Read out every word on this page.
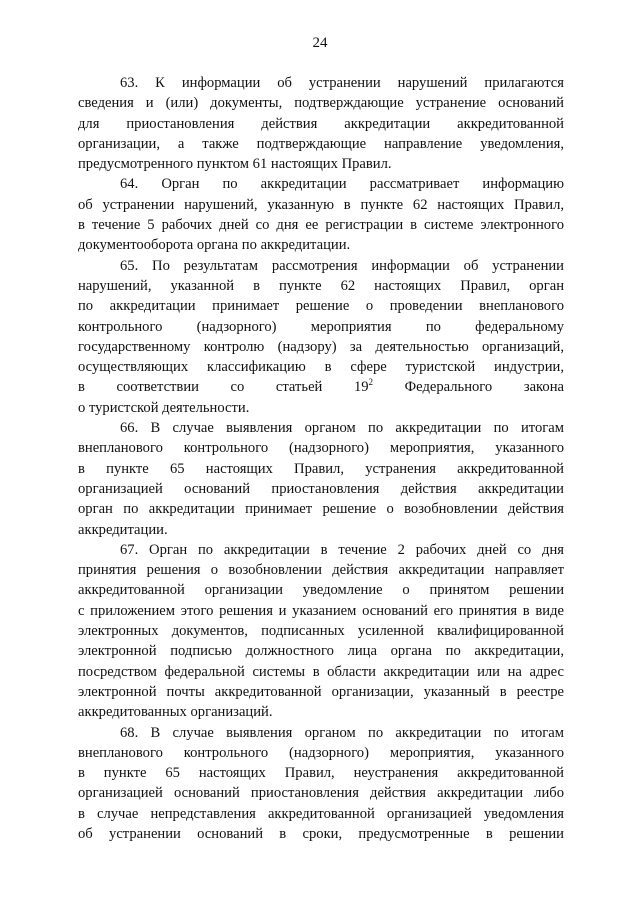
24
63. К информации об устранении нарушений прилагаются
сведения и (или) документы, подтверждающие устранение оснований
для приостановления действия аккредитации аккредитованной
организации, а также подтверждающие направление уведомления,
предусмотренного пунктом 61 настоящих Правил.
64. Орган по аккредитации рассматривает информацию
об устранении нарушений, указанную в пункте 62 настоящих Правил,
в течение 5 рабочих дней со дня ее регистрации в системе электронного
документооборота органа по аккредитации.
65. По результатам рассмотрения информации об устранении
нарушений, указанной в пункте 62 настоящих Правил, орган
по аккредитации принимает решение о проведении внепланового
контрольного (надзорного) мероприятия по федеральному
государственному контролю (надзору) за деятельностью организаций,
осуществляющих классификацию в сфере туристской индустрии,
в соответствии со статьей $19^2$ Федерального закона
о туристской деятельности.
66. В случае выявления органом по аккредитации по итогам
внепланового контрольного (надзорного) мероприятия, указанного
в пункте 65 настоящих Правил, устранения аккредитованной
организацией оснований приостановления действия аккредитации
орган по аккредитации принимает решение о возобновлении действия
аккредитации.
67. Орган по аккредитации в течение 2 рабочих дней со дня
принятия решения о возобновлении действия аккредитации направляет
аккредитованной организации уведомление о принятом решении
с приложением этого решения и указанием оснований его принятия в виде
электронных документов, подписанных усиленной квалифицированной
электронной подписью должностного лица органа по аккредитации,
посредством федеральной системы в области аккредитации или на адрес
электронной почты аккредитованной организации, указанный в реестре
аккредитованных организаций.
68. В случае выявления органом по аккредитации по итогам
внепланового контрольного (надзорного) мероприятия, указанного
в пункте 65 настоящих Правил, неустранения аккредитованной
организацией оснований приостановления действия аккредитации либо
в случае непредставления аккредитованной организацией уведомления
об устранении оснований в сроки, предусмотренные в решении
